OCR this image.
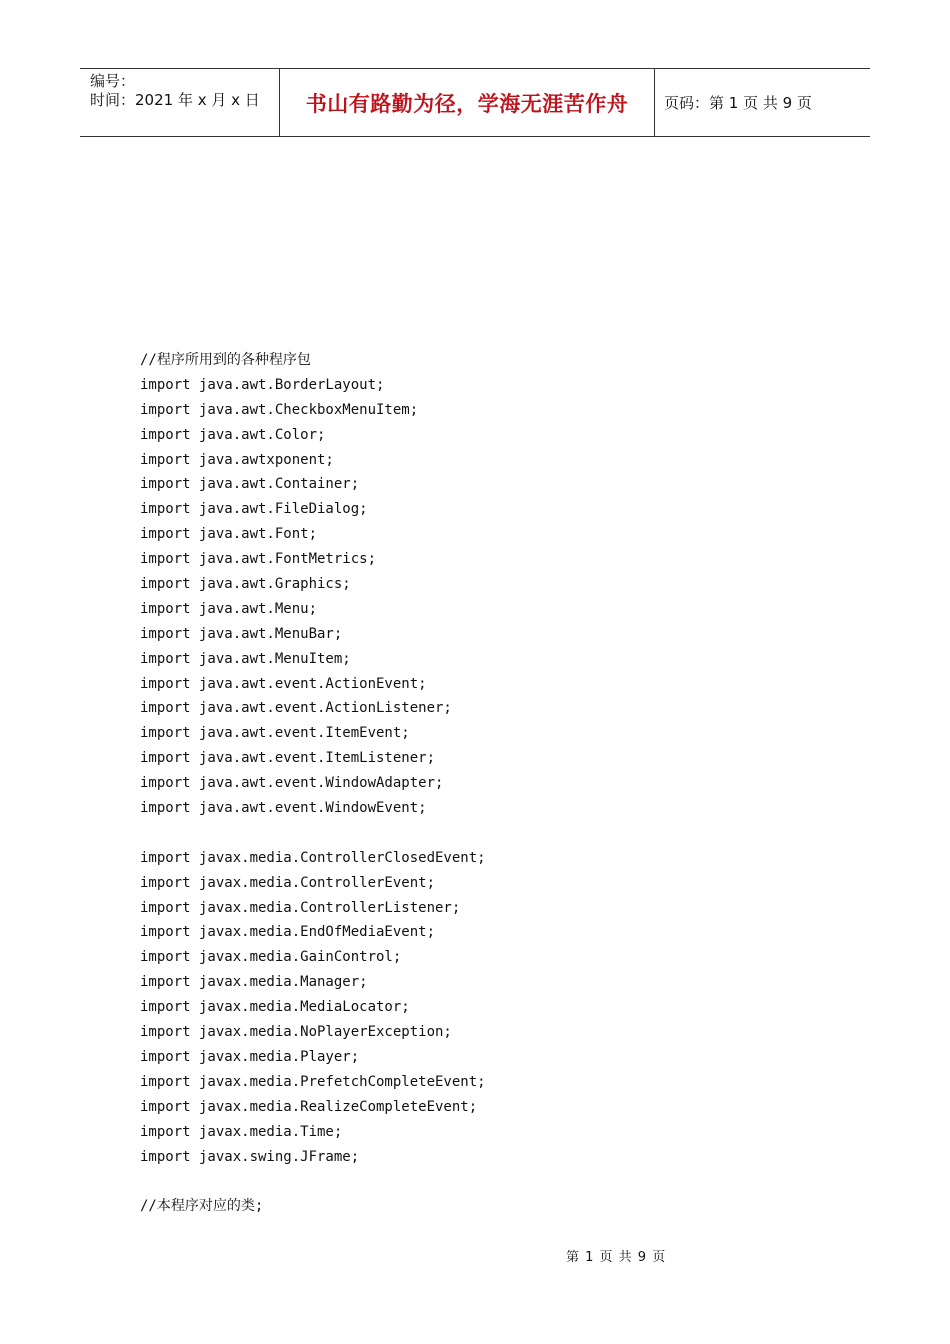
编号：
时间：2021 年 x 月 x 日	书山有路勤为径，学海无涯苦作舟	页码：第 1 页 共 9 页
//程序所用到的各种程序包
import java.awt.BorderLayout;
import java.awt.CheckboxMenuItem;
import java.awt.Color;
import java.awtxponent;
import java.awt.Container;
import java.awt.FileDialog;
import java.awt.Font;
import java.awt.FontMetrics;
import java.awt.Graphics;
import java.awt.Menu;
import java.awt.MenuBar;
import java.awt.MenuItem;
import java.awt.event.ActionEvent;
import java.awt.event.ActionListener;
import java.awt.event.ItemEvent;
import java.awt.event.ItemListener;
import java.awt.event.WindowAdapter;
import java.awt.event.WindowEvent;
import javax.media.ControllerClosedEvent;
import javax.media.ControllerEvent;
import javax.media.ControllerListener;
import javax.media.EndOfMediaEvent;
import javax.media.GainControl;
import javax.media.Manager;
import javax.media.MediaLocator;
import javax.media.NoPlayerException;
import javax.media.Player;
import javax.media.PrefetchCompleteEvent;
import javax.media.RealizeCompleteEvent;
import javax.media.Time;
import javax.swing.JFrame;
//本程序对应的类;
第 1 页 共 9 页
